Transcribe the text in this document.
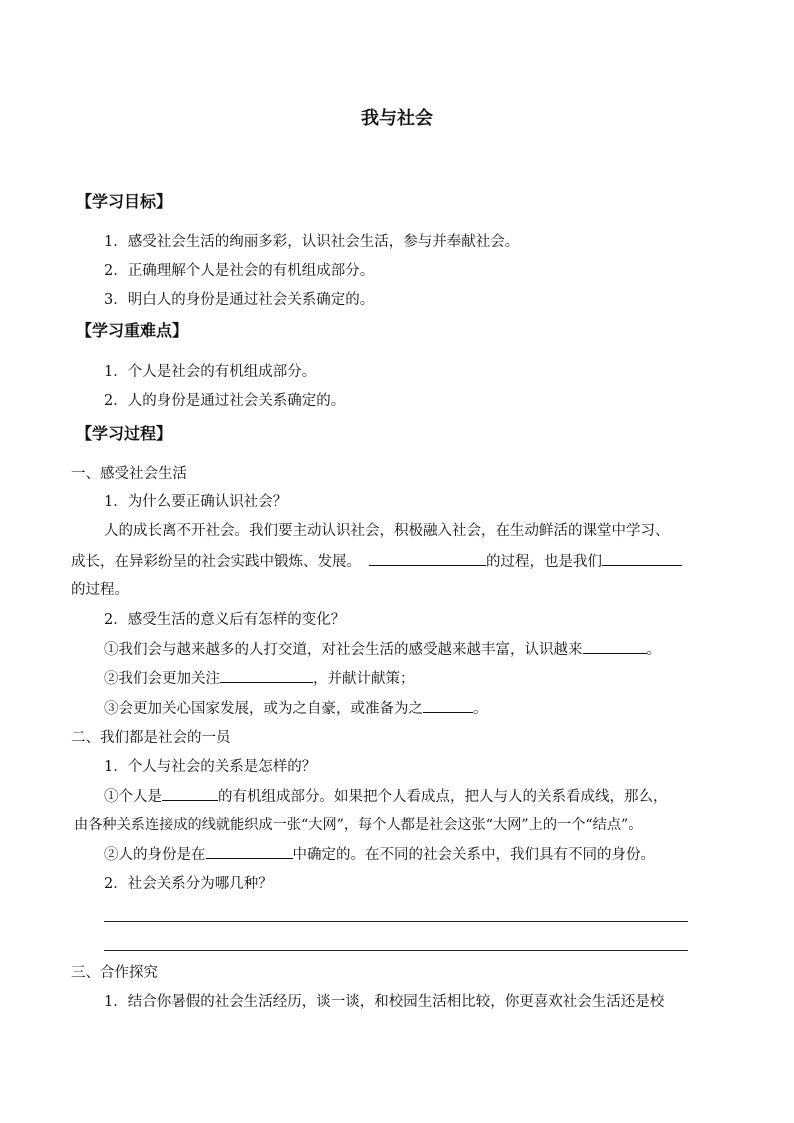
我与社会
【学习目标】
1．感受社会生活的绚丽多彩，认识社会生活，参与并奉献社会。
2．正确理解个人是社会的有机组成部分。
3．明白人的身份是通过社会关系确定的。
【学习重难点】
1．个人是社会的有机组成部分。
2．人的身份是通过社会关系确定的。
【学习过程】
一、感受社会生活
1．为什么要正确认识社会？
人的成长离不开社会。我们要主动认识社会，积极融入社会，在生动鲜活的课堂中学习、
成长，在异彩纷呈的社会实践中锻炼、发展。	的过程，也是我们
的过程。
2．感受生活的意义后有怎样的变化？
①我们会与越来越多的人打交道，对社会生活的感受越来越丰富，认识越来	。
②我们会更加关注	，并献计献策；
③会更加关心国家发展，或为之自豪，或准备为之	。
二、我们都是社会的一员
1．个人与社会的关系是怎样的？
①个人是	的有机组成部分。如果把个人看成点，把人与人的关系看成线，那么，
由各种关系连接成的线就能织成一张“大网”，每个人都是社会这张“大网”上的一个“结点”。
②人的身份是在	中确定的。在不同的社会关系中，我们具有不同的身份。
2．社会关系分为哪几种？
三、合作探究
1．结合你暑假的社会生活经历，谈一谈，和校园生活相比较，你更喜欢社会生活还是校
